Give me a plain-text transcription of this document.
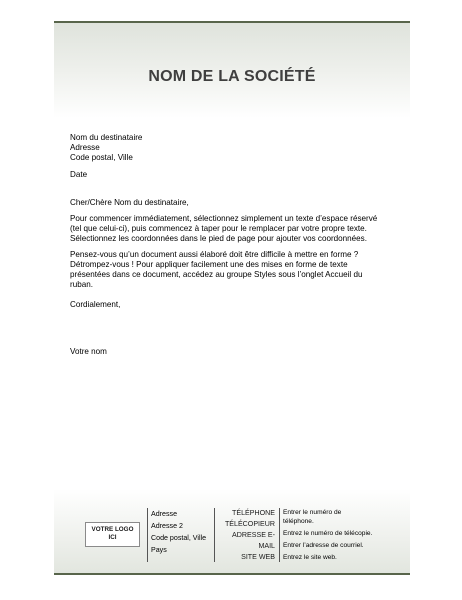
NOM DE LA SOCIÉTÉ
Nom du destinataire
Adresse
Code postal, Ville
Date
Cher/Chère Nom du destinataire,
Pour commencer immédiatement, sélectionnez simplement un texte d’espace réservé
(tel que celui-ci), puis commencez à taper pour le remplacer par votre propre texte.
Sélectionnez les coordonnées dans le pied de page pour ajouter vos coordonnées.
Pensez-vous qu’un document aussi élaboré doit être difficile à mettre en forme ?
Détrompez-vous ! Pour appliquer facilement une des mises en forme de texte
présentées dans ce document, accédez au groupe Styles sous l’onglet Accueil du
ruban.
Cordialement,
Votre nom
VOTRE LOGO
ICI
Adresse
Adresse 2
Code postal, Ville
Pays
TÉLÉPHONE
TÉLÉCOPIEUR
ADRESSE E-
MAIL
SITE WEB
Entrer le numéro de
téléphone.
Entrez le numéro de télécopie.
Entrer l’adresse de courriel.
Entrez le site web.
